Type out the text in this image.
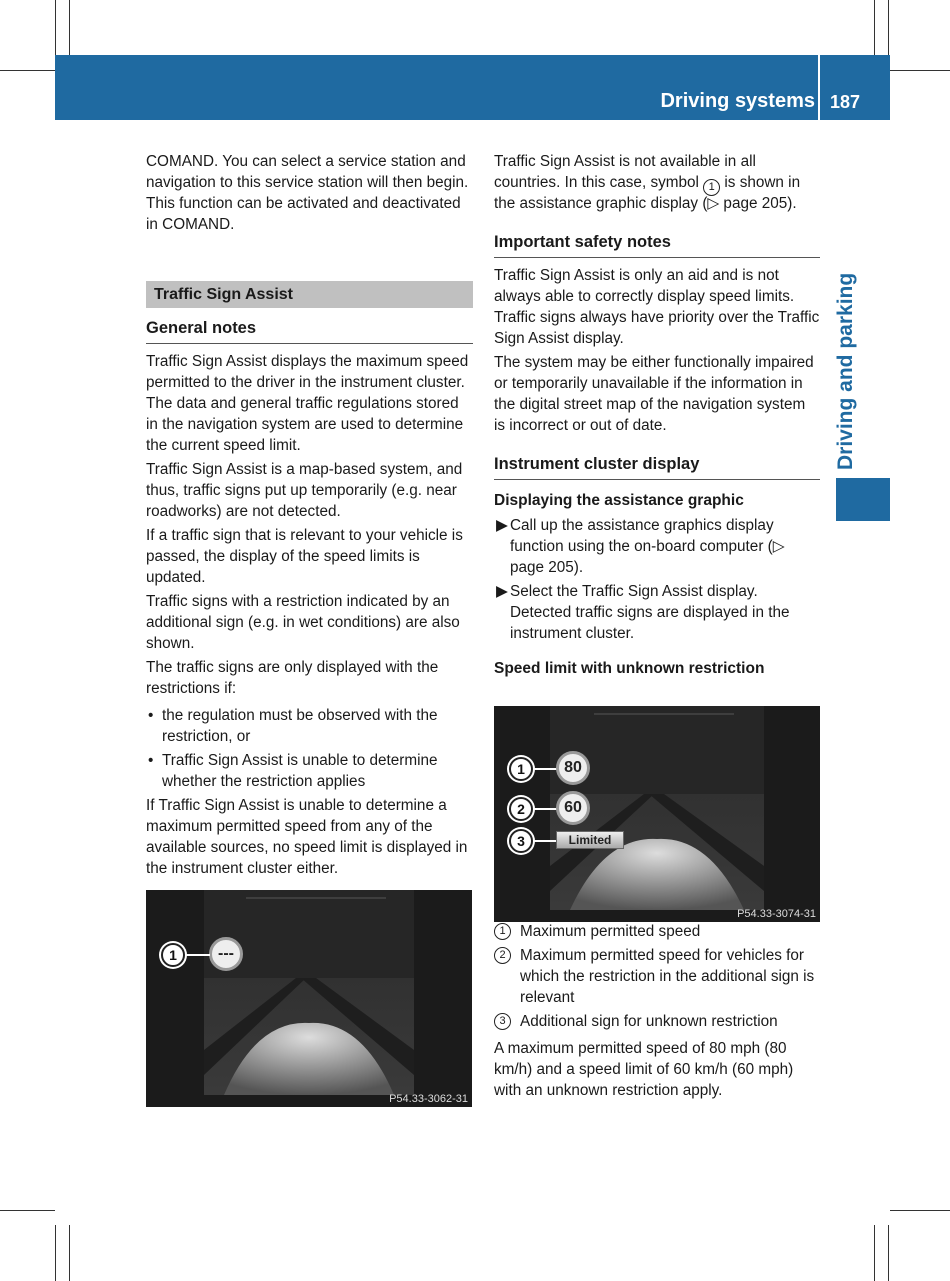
Driving systems 187
Driving and parking

COMAND. You can select a service station and navigation to this service station will then begin. This function can be activated and deactivated in COMAND.

Traffic Sign Assist
General notes

Traffic Sign Assist displays the maximum speed permitted to the driver in the instrument cluster. The data and general traffic regulations stored in the navigation system are used to determine the current speed limit.

Traffic Sign Assist is a map-based system, and thus, traffic signs put up temporarily (e.g. near roadworks) are not detected.

If a traffic sign that is relevant to your vehicle is passed, the display of the speed limits is updated.

Traffic signs with a restriction indicated by an additional sign (e.g. in wet conditions) are also shown.

The traffic signs are only displayed with the restrictions if:

• the regulation must be observed with the restriction, or
• Traffic Sign Assist is unable to determine whether the restriction applies

If Traffic Sign Assist is unable to determine a maximum permitted speed from any of the available sources, no speed limit is displayed in the instrument cluster either.

---
1
P54.33-3062-31

Traffic Sign Assist is not available in all countries. In this case, symbol 1 is shown in the assistance graphic display (▷ page 205).

Important safety notes

Traffic Sign Assist is only an aid and is not always able to correctly display speed limits. Traffic signs always have priority over the Traffic Sign Assist display.

The system may be either functionally impaired or temporarily unavailable if the information in the digital street map of the navigation system is incorrect or out of date.

Instrument cluster display
Displaying the assistance graphic
▶ Call up the assistance graphics display function using the on-board computer (▷ page 205).
▶ Select the Traffic Sign Assist display. Detected traffic signs are displayed in the instrument cluster.
Speed limit with unknown restriction
1 Maximum permitted speed
2 Maximum permitted speed for vehicles for which the restriction in the additional sign is relevant
3 Additional sign for unknown restriction

A maximum permitted speed of 80 mph (80 km/h) and a speed limit of 60 km/h (60 mph) with an unknown restriction apply.

80
60
Limited
1
2
3
P54.33-3074-31
